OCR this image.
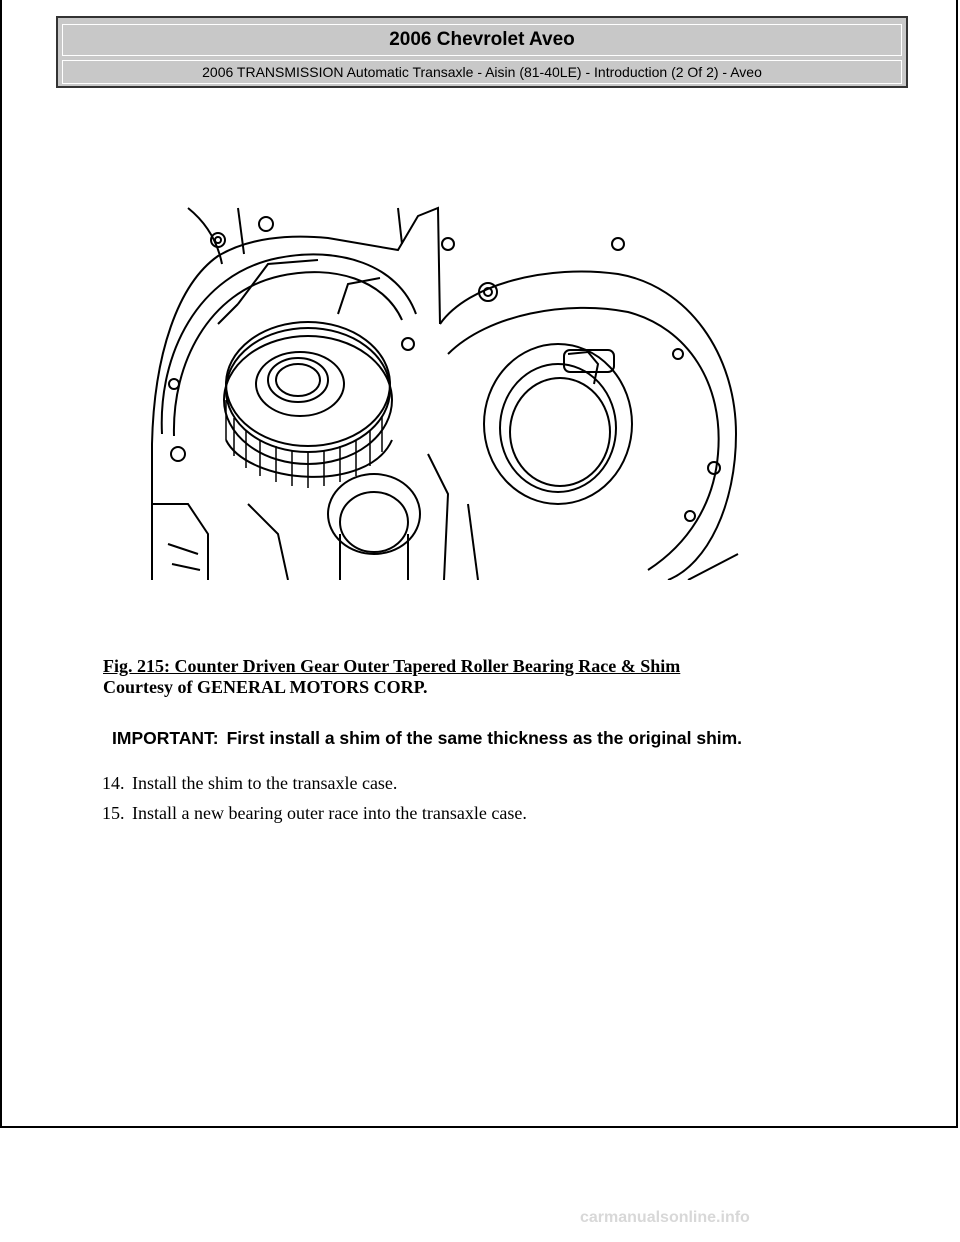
2006 Chevrolet Aveo
2006 TRANSMISSION Automatic Transaxle - Aisin (81-40LE) - Introduction (2 Of 2) - Aveo
Fig. 215: Counter Driven Gear Outer Tapered Roller Bearing Race & Shim
Courtesy of GENERAL MOTORS CORP.
IMPORTANT: First install a shim of the same thickness as the original shim.
14. Install the shim to the transaxle case.
15. Install a new bearing outer race into the transaxle case.
carmanualsonline.info
